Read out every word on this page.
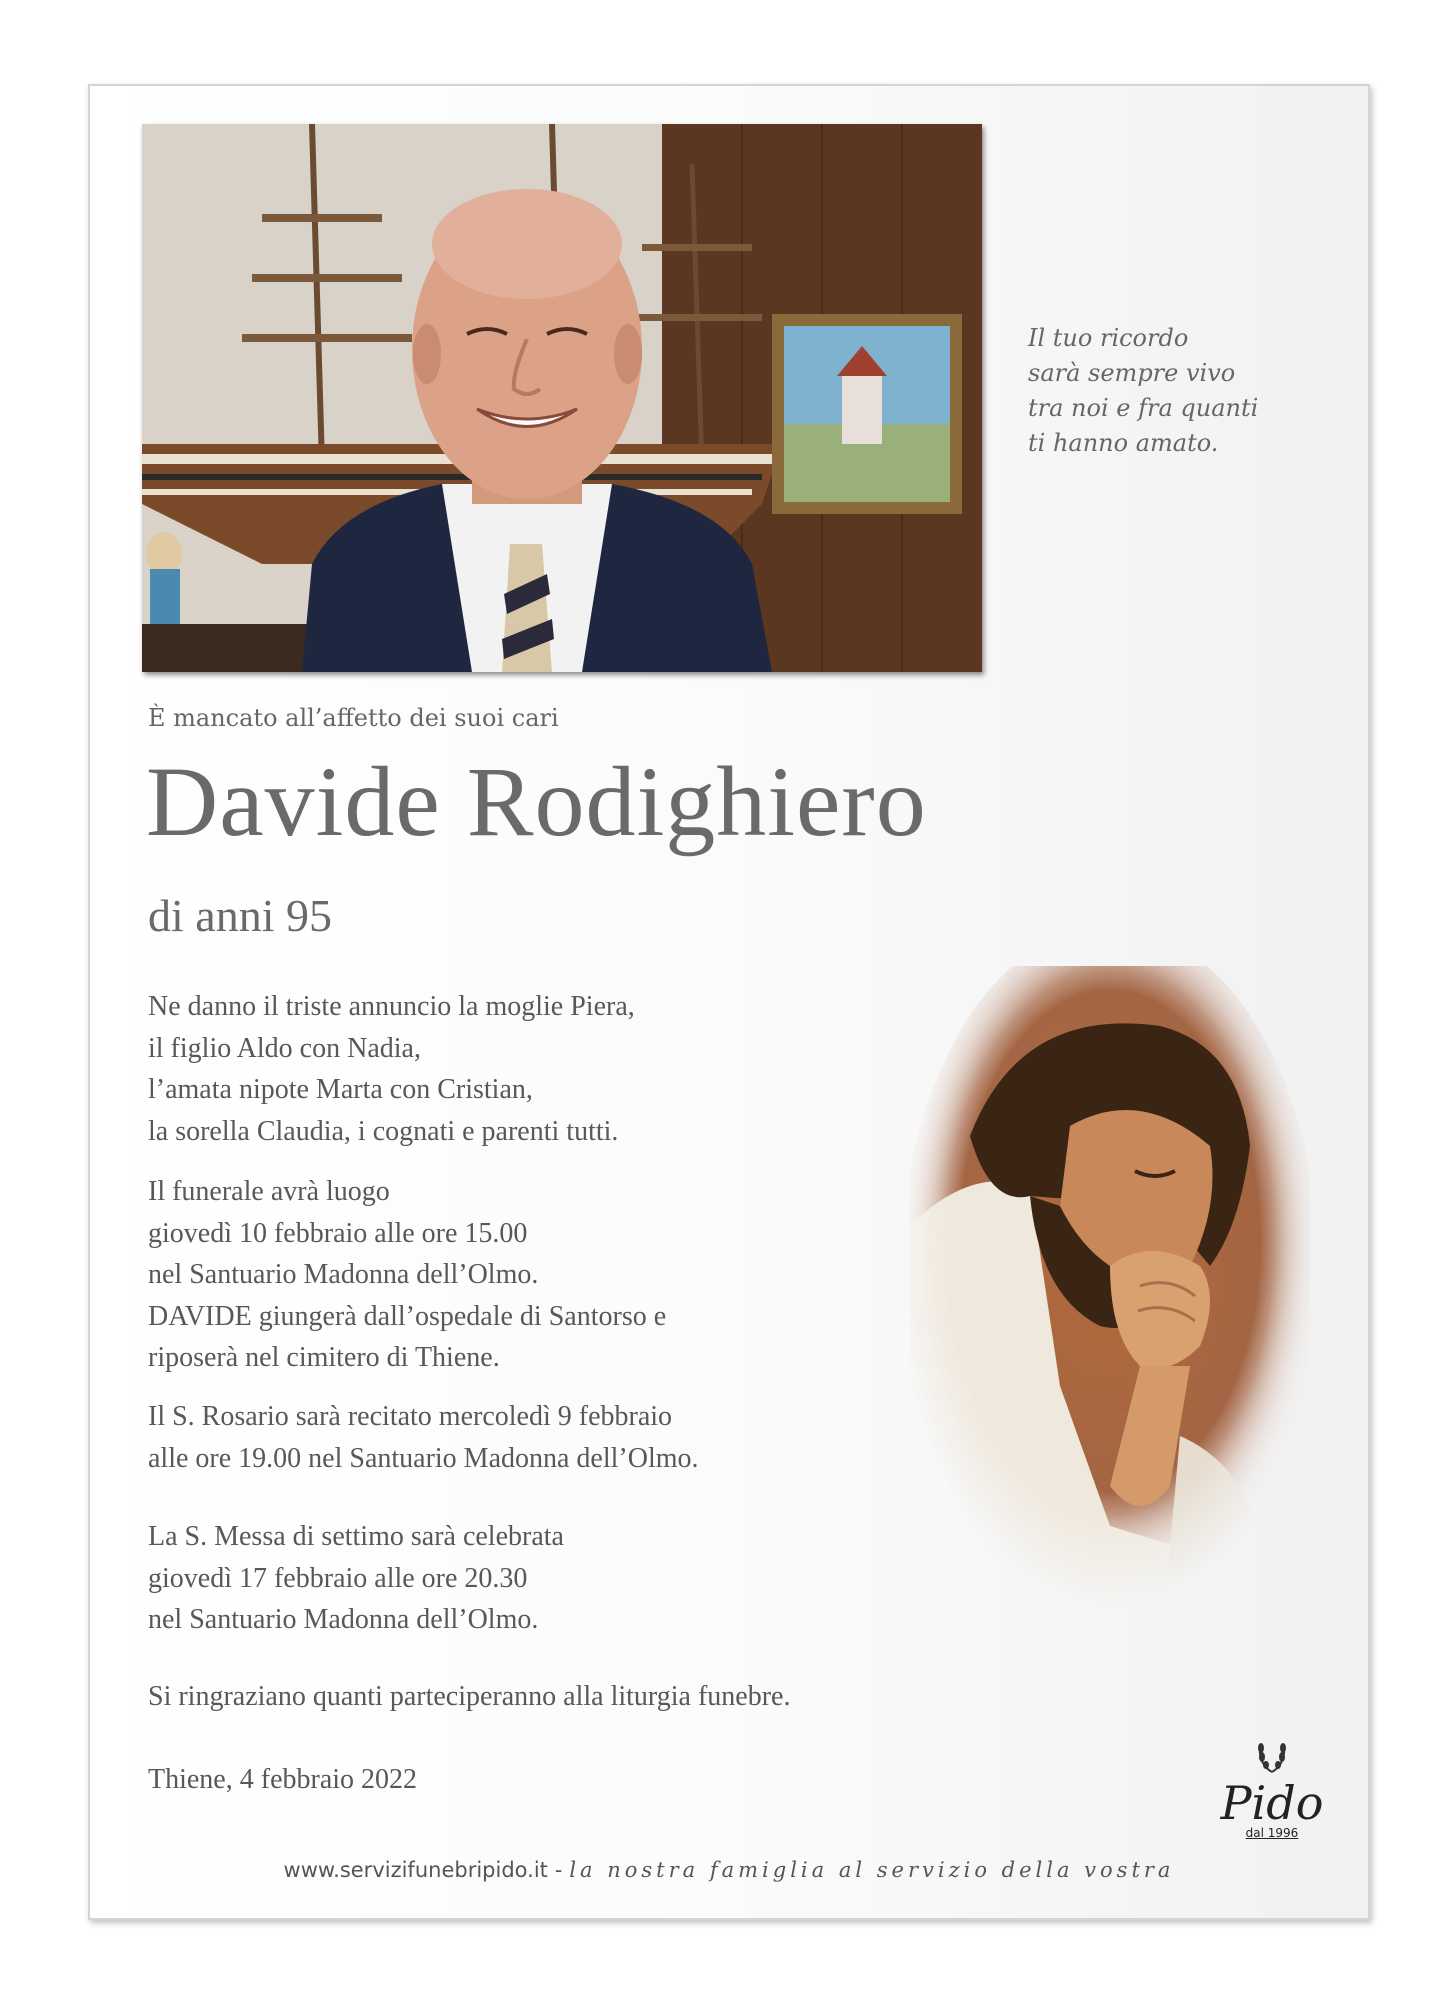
Il tuo ricordo
sarà sempre vivo
tra noi e fra quanti
ti hanno amato.
È mancato all’affetto dei suoi cari
Davide Rodighiero
di anni 95
Ne danno il triste annuncio la moglie Piera,
il figlio Aldo con Nadia,
l’amata nipote Marta con Cristian,
la sorella Claudia, i cognati e parenti tutti.
Il funerale avrà luogo
giovedì 10 febbraio alle ore 15.00
nel Santuario Madonna dell’Olmo.
DAVIDE giungerà dall’ospedale di Santorso e
riposerà nel cimitero di Thiene.
Il S. Rosario sarà recitato mercoledì 9 febbraio
alle ore 19.00 nel Santuario Madonna dell’Olmo.
La S. Messa di settimo sarà celebrata
giovedì 17 febbraio alle ore 20.30
nel Santuario Madonna dell’Olmo.
Si ringraziano quanti parteciperanno alla liturgia funebre.
Thiene, 4 febbraio 2022	Pido
dal 1996
www.servizifunebripido.it - la nostra famiglia al servizio della vostra
